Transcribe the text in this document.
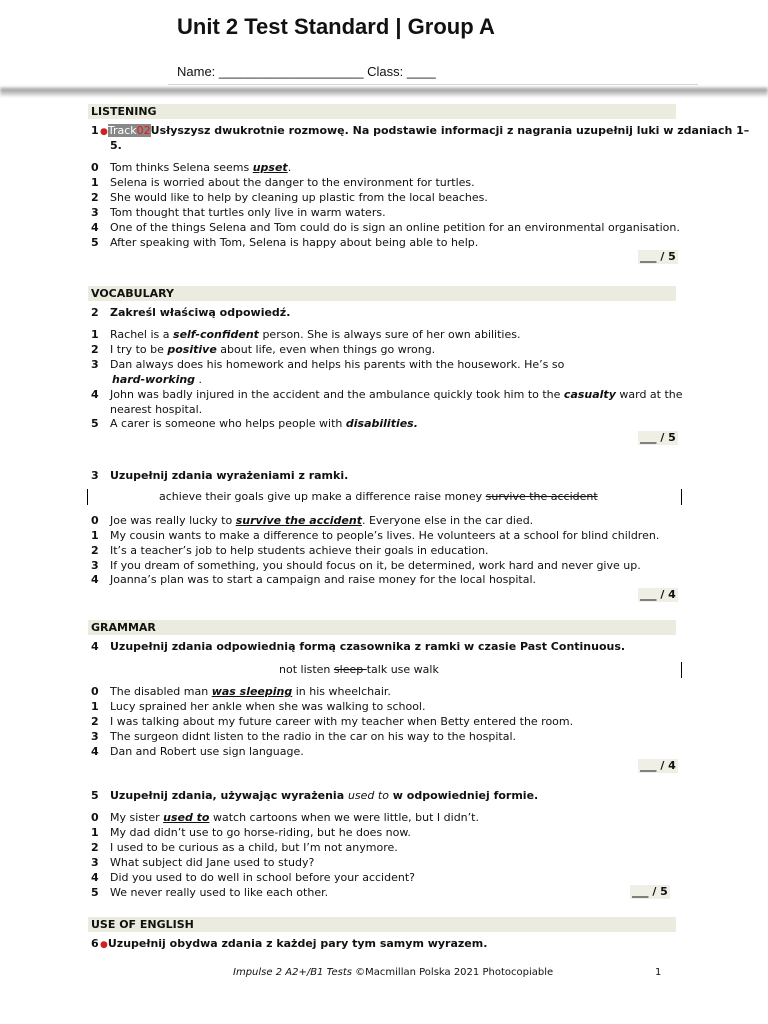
Unit 2 Test Standard | Group A
Name: ____________________ Class: ____
LISTENING
1 ●Track02Usłyszysz dwukrotnie rozmowę. Na podstawie informacji z nagrania uzupełnij luki w zdaniach 1–
5.
0 Tom thinks Selena seems upset.
1 Selena is worried about the danger to the environment for turtles.
2 She would like to help by cleaning up plastic from the local beaches.
3 Tom thought that turtles only live in warm waters.
4 One of the things Selena and Tom could do is sign an online petition for an environmental organisation.
5 After speaking with Tom, Selena is happy about being able to help.
___ / 5
VOCABULARY
2 Zakreśl właściwą odpowiedź.
1 Rachel is a self-confident person. She is always sure of her own abilities.
2 I try to be positive about life, even when things go wrong.
3 Dan always does his homework and helps his parents with the housework. He’s so
hard-working .
4 John was badly injured in the accident and the ambulance quickly took him to the casualty ward at the
nearest hospital.
5 A carer is someone who helps people with disabilities.
___ / 5
3 Uzupełnij zdania wyrażeniami z ramki.
achieve their goals give up make a difference raise money survive the accident
0 Joe was really lucky to survive the accident. Everyone else in the car died.
1 My cousin wants to make a difference to people’s lives. He volunteers at a school for blind children.
2 It’s a teacher’s job to help students achieve their goals in education.
3 If you dream of something, you should focus on it, be determined, work hard and never give up.
4 Joanna’s plan was to start a campaign and raise money for the local hospital.
___ / 4
GRAMMAR
4 Uzupełnij zdania odpowiednią formą czasownika z ramki w czasie Past Continuous.
not listen sleep talk use walk
0 The disabled man was sleeping in his wheelchair.
1 Lucy sprained her ankle when she was walking to school.
2 I was talking about my future career with my teacher when Betty entered the room.
3 The surgeon didnt listen to the radio in the car on his way to the hospital.
4 Dan and Robert use sign language.
___ / 4
5 Uzupełnij zdania, używając wyrażenia used to w odpowiedniej formie.
0 My sister used to watch cartoons when we were little, but I didn’t.
1 My dad didn’t use to go horse-riding, but he does now.
2 I used to be curious as a child, but I’m not anymore.
3 What subject did Jane used to study?
4 Did you used to do well in school before your accident?
5 We never really used to like each other.	___ / 5
USE OF ENGLISH
6 ●Uzupełnij obydwa zdania z każdej pary tym samym wyrazem.
Impulse 2 A2+/B1 Tests ©Macmillan Polska 2021 Photocopiable	1
